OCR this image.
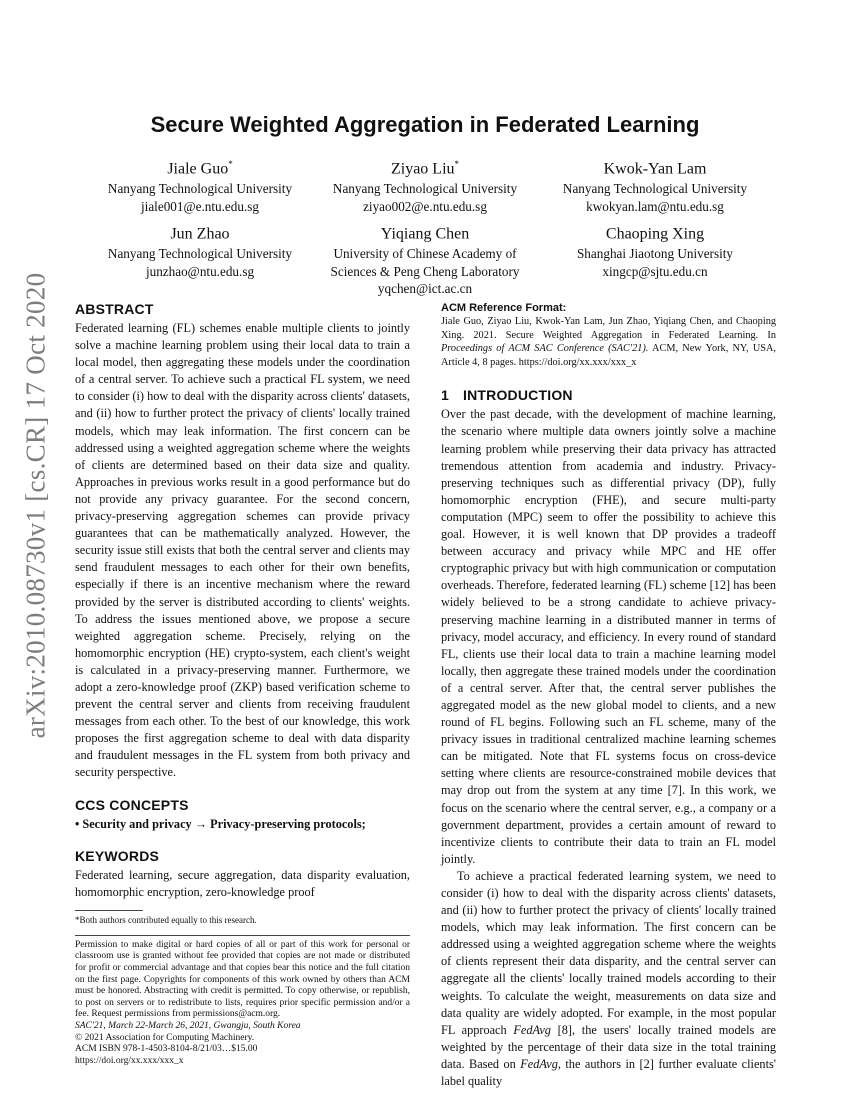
arXiv:2010.08730v1 [cs.CR] 17 Oct 2020
Secure Weighted Aggregation in Federated Learning
Jiale Guo*
Nanyang Technological University
jiale001@e.ntu.edu.sg
Ziyao Liu*
Nanyang Technological University
ziyao002@e.ntu.edu.sg
Kwok-Yan Lam
Nanyang Technological University
kwokyan.lam@ntu.edu.sg
Jun Zhao
Nanyang Technological University
junzhao@ntu.edu.sg
Yiqiang Chen
University of Chinese Academy of
Sciences & Peng Cheng Laboratory
yqchen@ict.ac.cn
Chaoping Xing
Shanghai Jiaotong University
xingcp@sjtu.edu.cn
ABSTRACT

Federated learning (FL) schemes enable multiple clients to jointly solve a machine learning problem using their local data to train a local model, then aggregating these models under the coordination of a central server. To achieve such a practical FL system, we need to consider (i) how to deal with the disparity across clients' datasets, and (ii) how to further protect the privacy of clients' locally trained models, which may leak information. The first concern can be addressed using a weighted aggregation scheme where the weights of clients are determined based on their data size and quality. Approaches in previous works result in a good performance but do not provide any privacy guarantee. For the second concern, privacy-preserving aggregation schemes can provide privacy guarantees that can be mathematically analyzed. However, the security issue still exists that both the central server and clients may send fraudulent messages to each other for their own benefits, especially if there is an incentive mechanism where the reward provided by the server is distributed according to clients' weights. To address the issues mentioned above, we propose a secure weighted aggregation scheme. Precisely, relying on the homomorphic encryption (HE) crypto-system, each client's weight is calculated in a privacy-preserving manner. Furthermore, we adopt a zero-knowledge proof (ZKP) based verification scheme to prevent the central server and clients from receiving fraudulent messages from each other. To the best of our knowledge, this work proposes the first aggregation scheme to deal with data disparity and fraudulent messages in the FL system from both privacy and security perspective.

CCS CONCEPTS

• Security and privacy → Privacy-preserving protocols;

KEYWORDS

Federated learning, secure aggregation, data disparity evaluation, homomorphic encryption, zero-knowledge proof

*Both authors contributed equally to this research.

Permission to make digital or hard copies of all or part of this work for personal or classroom use is granted without fee provided that copies are not made or distributed for profit or commercial advantage and that copies bear this notice and the full citation on the first page. Copyrights for components of this work owned by others than ACM must be honored. Abstracting with credit is permitted. To copy otherwise, or republish, to post on servers or to redistribute to lists, requires prior specific permission and/or a fee. Request permissions from permissions@acm.org.

SAC'21, March 22-March 26, 2021, Gwangju, South Korea

© 2021 Association for Computing Machinery.

ACM ISBN 978-1-4503-8104-8/21/03…$15.00

https://doi.org/xx.xxx/xxx_x

ACM Reference Format:

Jiale Guo, Ziyao Liu, Kwok-Yan Lam, Jun Zhao, Yiqiang Chen, and Chaoping Xing. 2021. Secure Weighted Aggregation in Federated Learning. In Proceedings of ACM SAC Conference (SAC'21). ACM, New York, NY, USA, Article 4, 8 pages. https://doi.org/xx.xxx/xxx_x

1 INTRODUCTION

Over the past decade, with the development of machine learning, the scenario where multiple data owners jointly solve a machine learning problem while preserving their data privacy has attracted tremendous attention from academia and industry. Privacy-preserving techniques such as differential privacy (DP), fully homomorphic encryption (FHE), and secure multi-party computation (MPC) seem to offer the possibility to achieve this goal. However, it is well known that DP provides a tradeoff between accuracy and privacy while MPC and HE offer cryptographic privacy but with high communication or computation overheads. Therefore, federated learning (FL) scheme [12] has been widely believed to be a strong candidate to achieve privacy-preserving machine learning in a distributed manner in terms of privacy, model accuracy, and efficiency. In every round of standard FL, clients use their local data to train a machine learning model locally, then aggregate these trained models under the coordination of a central server. After that, the central server publishes the aggregated model as the new global model to clients, and a new round of FL begins. Following such an FL scheme, many of the privacy issues in traditional centralized machine learning schemes can be mitigated. Note that FL systems focus on cross-device setting where clients are resource-constrained mobile devices that may drop out from the system at any time [7]. In this work, we focus on the scenario where the central server, e.g., a company or a government department, provides a certain amount of reward to incentivize clients to contribute their data to train an FL model jointly.

To achieve a practical federated learning system, we need to consider (i) how to deal with the disparity across clients' datasets, and (ii) how to further protect the privacy of clients' locally trained models, which may leak information. The first concern can be addressed using a weighted aggregation scheme where the weights of clients represent their data disparity, and the central server can aggregate all the clients' locally trained models according to their weights. To calculate the weight, measurements on data size and data quality are widely adopted. For example, in the most popular FL approach FedAvg [8], the users' locally trained models are weighted by the percentage of their data size in the total training data. Based on FedAvg, the authors in [2] further evaluate clients' label quality
